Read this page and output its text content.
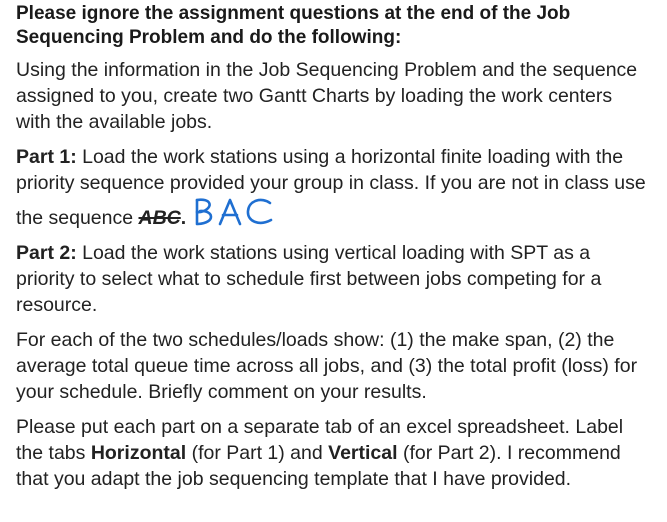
Please ignore the assignment questions at the end of the Job Sequencing Problem and do the following:

Using the information in the Job Sequencing Problem and the sequence assigned to you, create two Gantt Charts by loading the work centers with the available jobs.

Part 1: Load the work stations using a horizontal finite loading with the priority sequence provided your group in class. If you are not in class use the sequence ABC.

Part 2: Load the work stations using vertical loading with SPT as a priority to select what to schedule first between jobs competing for a resource.

For each of the two schedules/loads show: (1) the make span, (2) the average total queue time across all jobs, and (3) the total profit (loss) for your schedule. Briefly comment on your results.

Please put each part on a separate tab of an excel spreadsheet. Label the tabs Horizontal (for Part 1) and Vertical (for Part 2). I recommend that you adapt the job sequencing template that I have provided.
